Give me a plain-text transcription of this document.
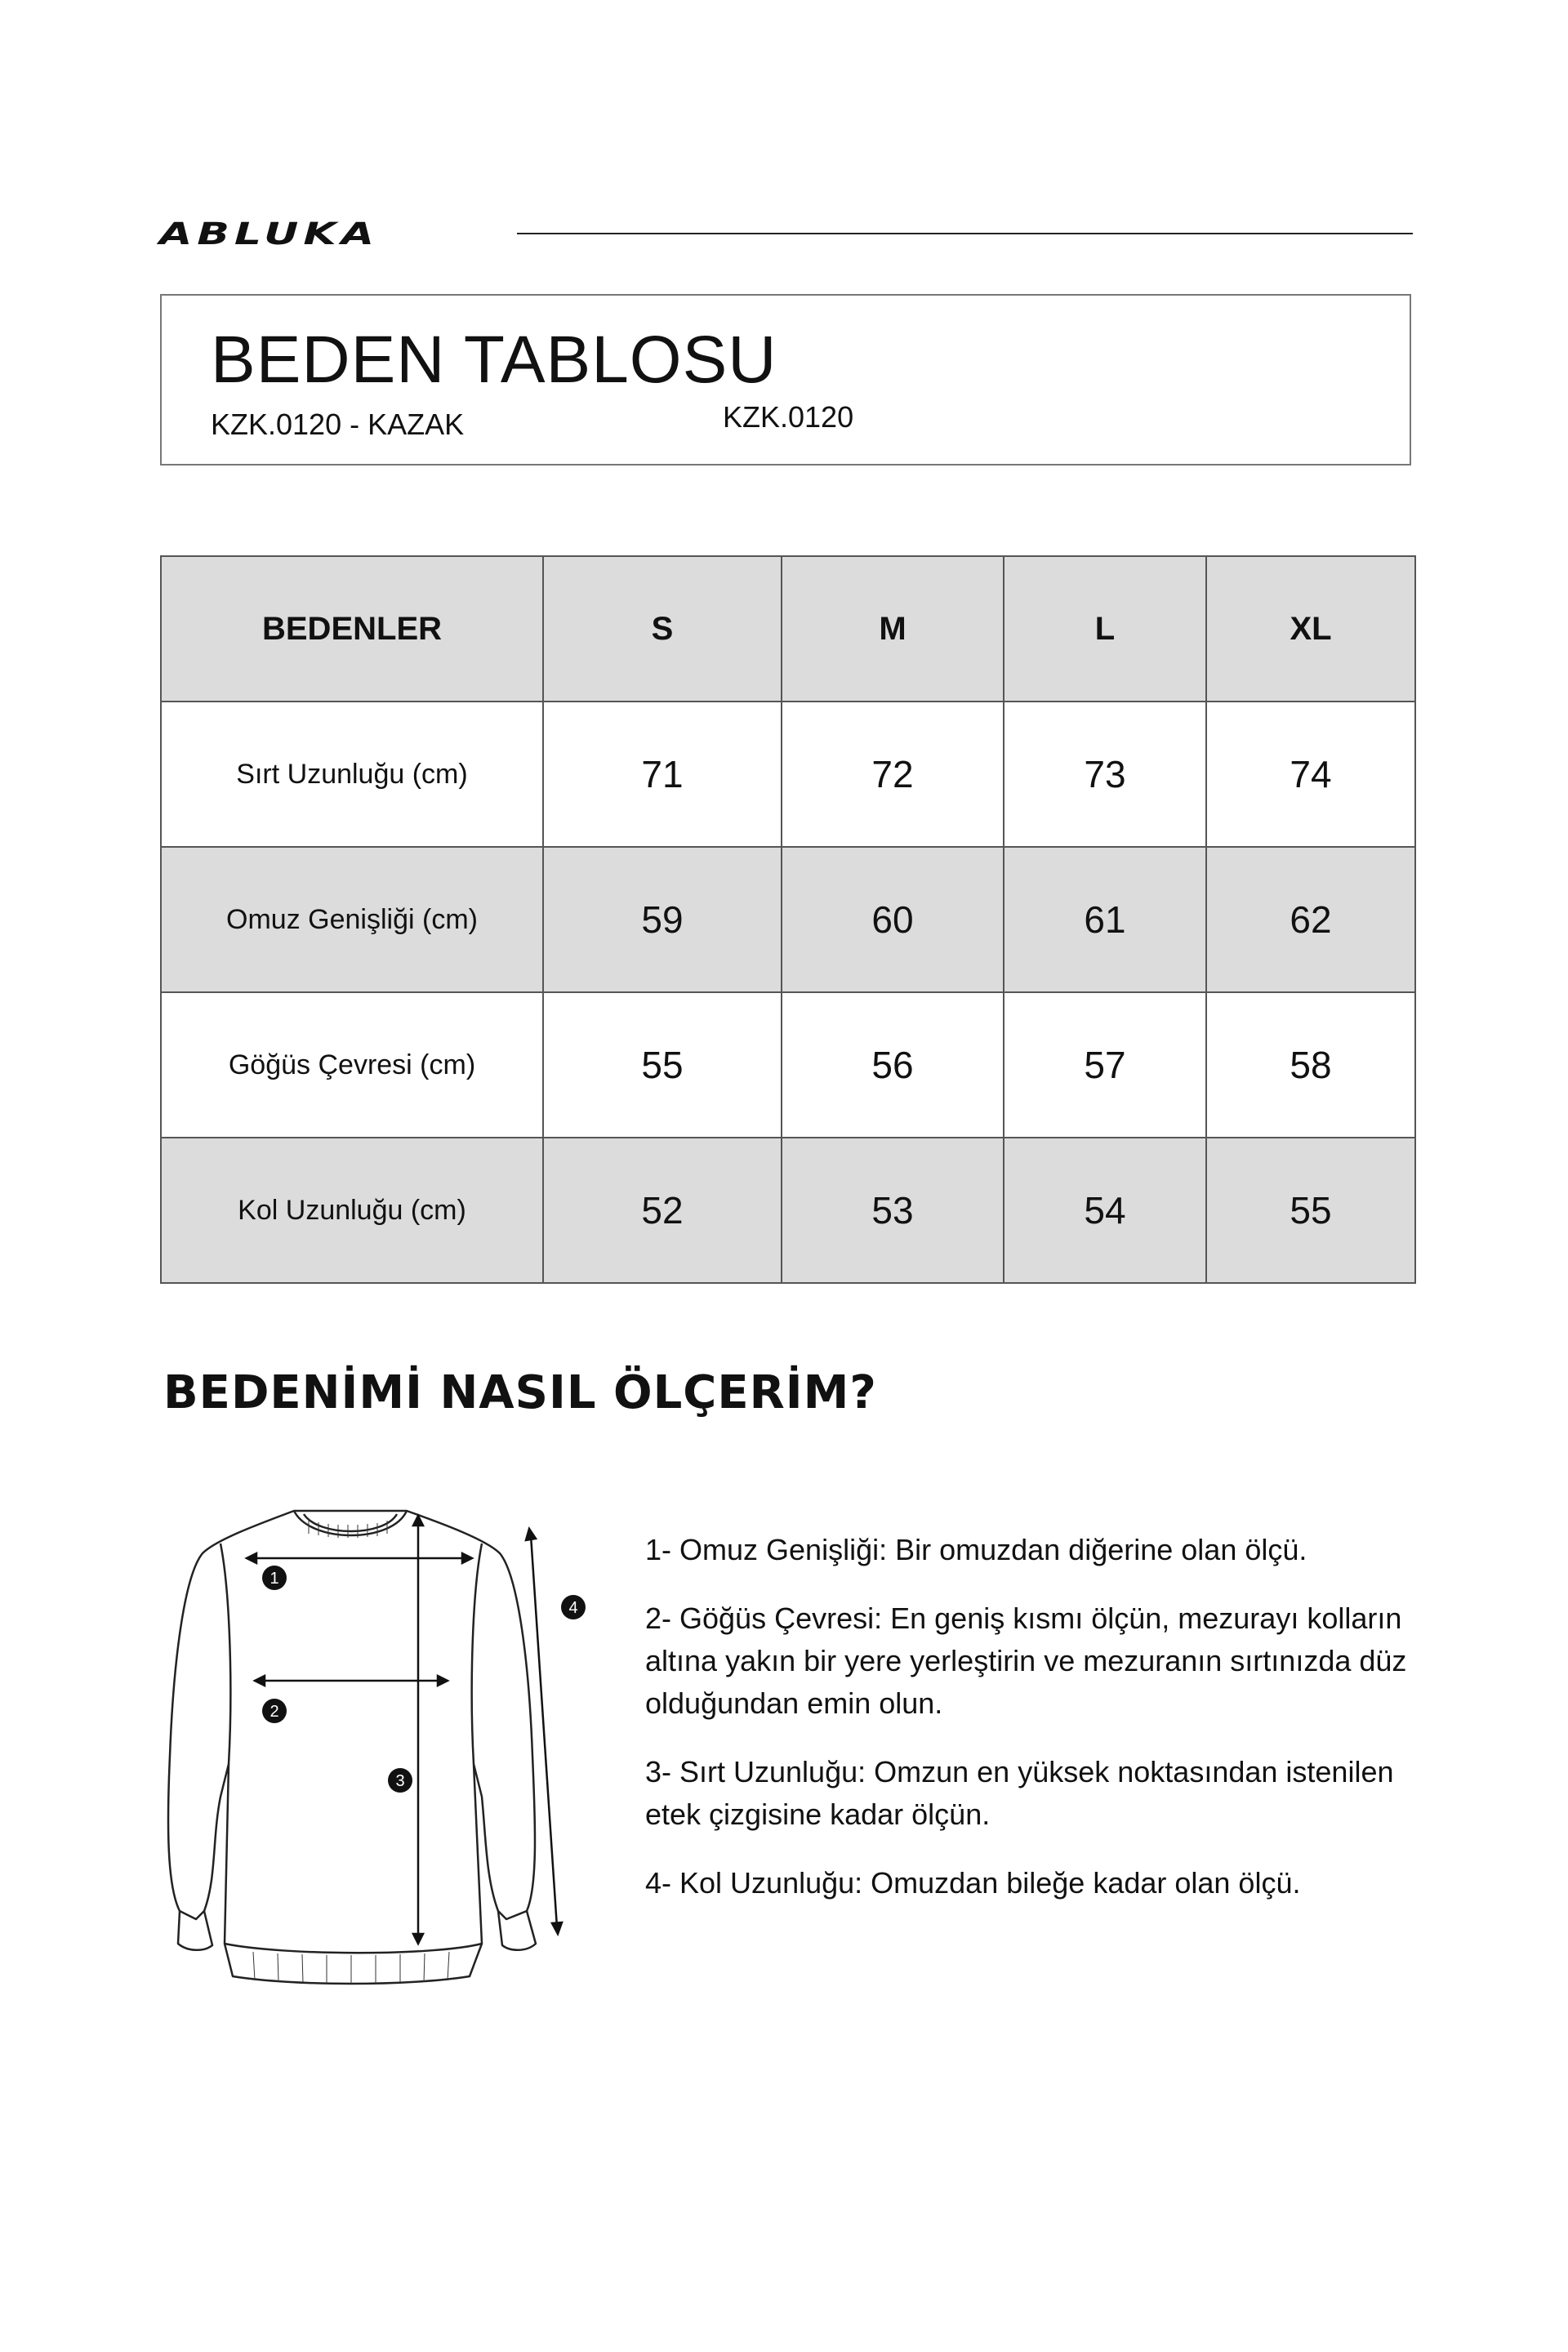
ABLUKA
BEDEN TABLOSU
KZK.0120 - KAZAK	KZK.0120
BEDENLER	S	M	L	XL
Sırt Uzunluğu (cm)	71	72	73	74
Omuz Genişliği (cm)	59	60	61	62
Göğüs Çevresi (cm)	55	56	57	58
Kol Uzunluğu (cm)	52	53	54	55
BEDENİMİ NASIL ÖLÇERİM?
1
2
3
4

1- Omuz Genişliği: Bir omuzdan diğerine olan ölçü.

2- Göğüs Çevresi: En geniş kısmı ölçün, mezurayı kolların altına yakın bir yere yerleştirin ve mezuranın sırtınızda düz olduğundan emin olun.

3- Sırt Uzunluğu: Omzun en yüksek noktasından istenilen etek çizgisine kadar ölçün.

4- Kol Uzunluğu: Omuzdan bileğe kadar olan ölçü.
